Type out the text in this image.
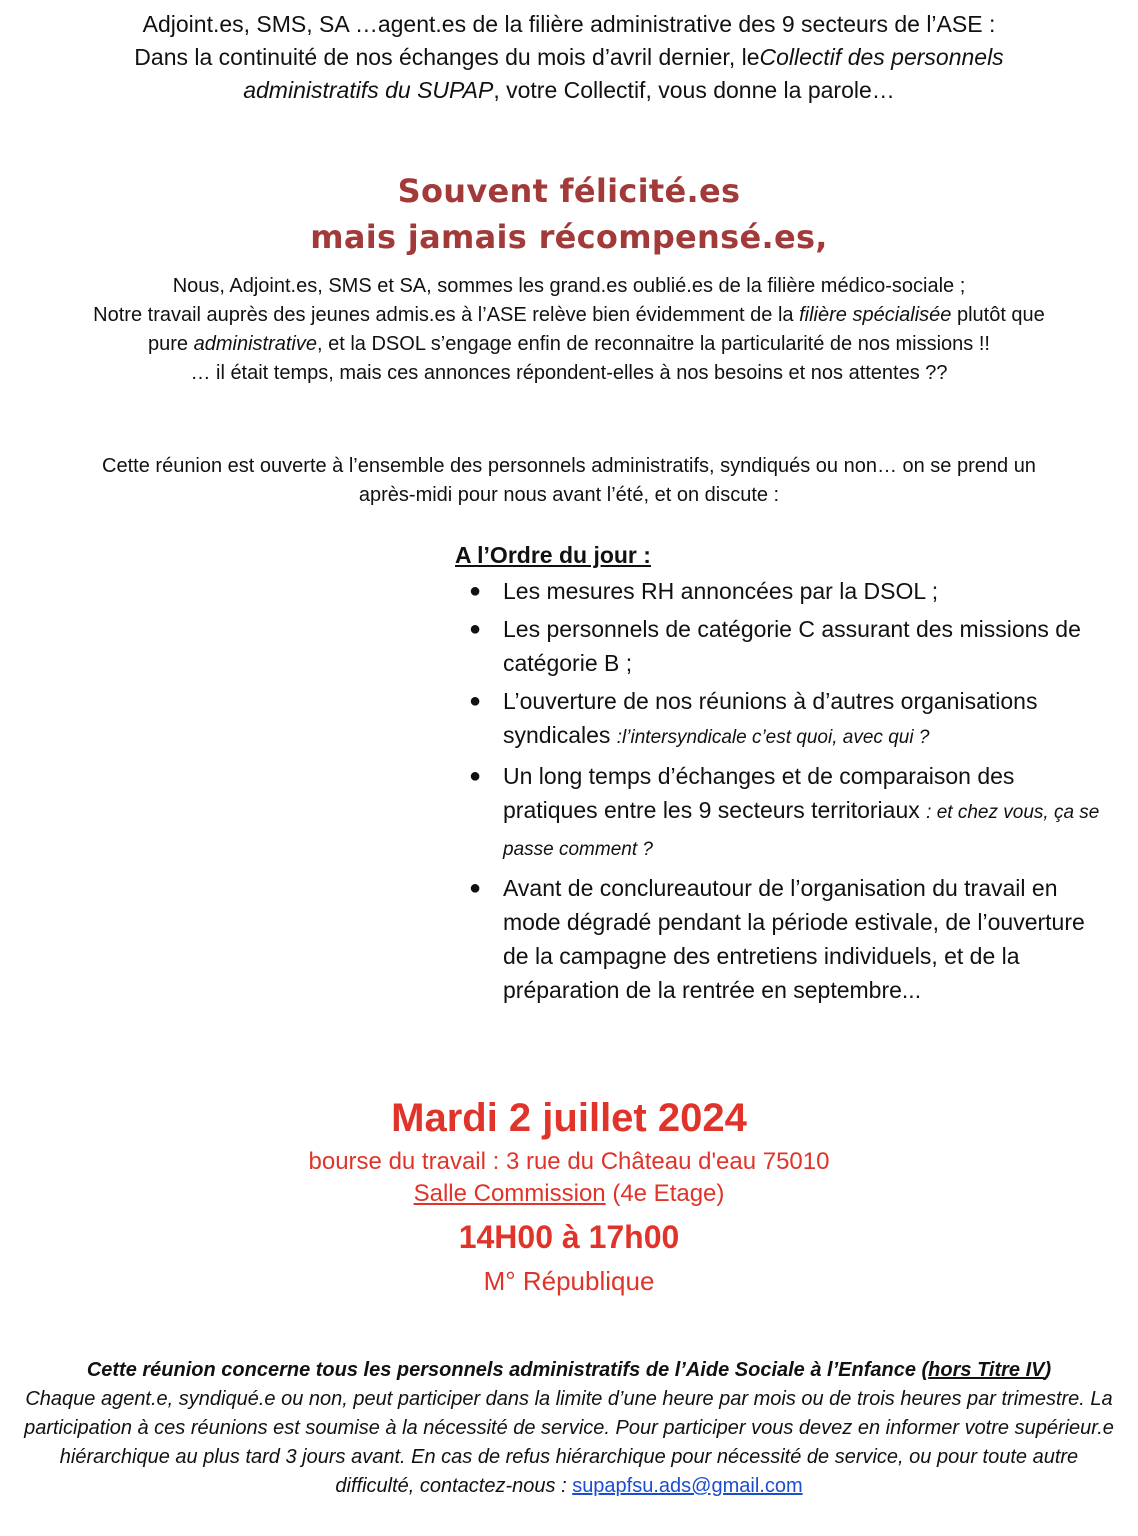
Adjoint.es, SMS, SA …agent.es de la filière administrative des 9 secteurs de l’ASE :
Dans la continuité de nos échanges du mois d’avril dernier, leCollectif des personnels
administratifs du SUPAP, votre Collectif, vous donne la parole…
Souvent félicité.es
mais jamais récompensé.es,
Nous, Adjoint.es, SMS et SA, sommes les grand.es oublié.es de la filière médico-sociale ;
Notre travail auprès des jeunes admis.es à l’ASE relève bien évidemment de la filière spécialisée plutôt que
pure administrative, et la DSOL s’engage enfin de reconnaitre la particularité de nos missions !!
… il était temps, mais ces annonces répondent-elles à nos besoins et nos attentes ??
Cette réunion est ouverte à l’ensemble des personnels administratifs, syndiqués ou non… on se prend un
après-midi pour nous avant l’été, et on discute :
A l’Ordre du jour :
● Les mesures RH annoncées par la DSOL ;
● Les personnels de catégorie C assurant des missions de catégorie B ;
● L’ouverture de nos réunions à d’autres organisations syndicales :l’intersyndicale c’est quoi, avec qui ?
● Un long temps d’échanges et de comparaison des pratiques entre les 9 secteurs territoriaux : et chez vous, ça se passe comment ?
● Avant de conclureautour de l’organisation du travail en mode dégradé pendant la période estivale, de l’ouverture de la campagne des entretiens individuels, et de la préparation de la rentrée en septembre...
Mardi 2 juillet 2024
bourse du travail : 3 rue du Château d'eau 75010
Salle Commission (4e Etage)
14H00 à 17h00
M° République
Cette réunion concerne tous les personnels administratifs de l’Aide Sociale à l’Enfance (hors Titre IV)
Chaque agent.e, syndiqué.e ou non, peut participer dans la limite d’une heure par mois ou de trois heures par trimestre. La participation à ces réunions est soumise à la nécessité de service. Pour participer vous devez en informer votre supérieur.e hiérarchique au plus tard 3 jours avant. En cas de refus hiérarchique pour nécessité de service, ou pour toute autre difficulté, contactez-nous : supapfsu.ads@gmail.com
